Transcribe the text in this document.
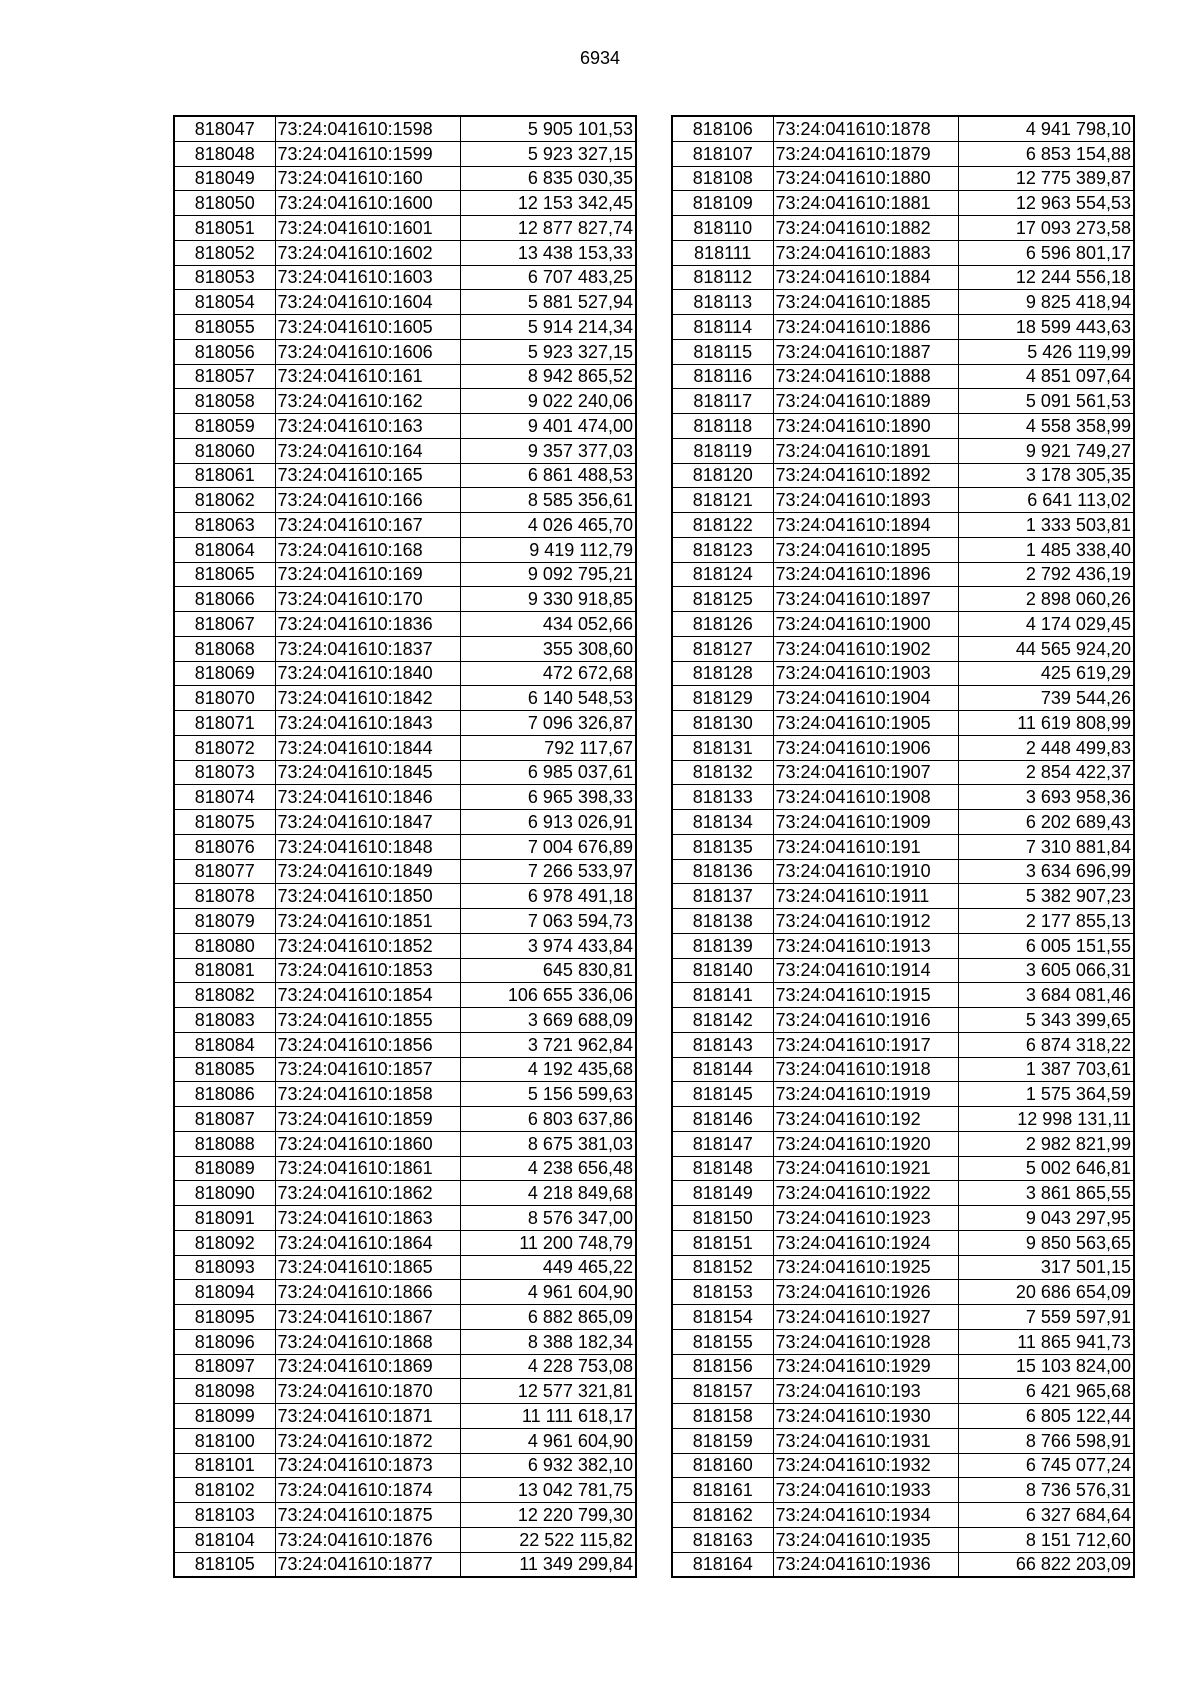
6934
818047	73:24:041610:1598	5 905 101,53
818048	73:24:041610:1599	5 923 327,15
818049	73:24:041610:160	6 835 030,35
818050	73:24:041610:1600	12 153 342,45
818051	73:24:041610:1601	12 877 827,74
818052	73:24:041610:1602	13 438 153,33
818053	73:24:041610:1603	6 707 483,25
818054	73:24:041610:1604	5 881 527,94
818055	73:24:041610:1605	5 914 214,34
818056	73:24:041610:1606	5 923 327,15
818057	73:24:041610:161	8 942 865,52
818058	73:24:041610:162	9 022 240,06
818059	73:24:041610:163	9 401 474,00
818060	73:24:041610:164	9 357 377,03
818061	73:24:041610:165	6 861 488,53
818062	73:24:041610:166	8 585 356,61
818063	73:24:041610:167	4 026 465,70
818064	73:24:041610:168	9 419 112,79
818065	73:24:041610:169	9 092 795,21
818066	73:24:041610:170	9 330 918,85
818067	73:24:041610:1836	434 052,66
818068	73:24:041610:1837	355 308,60
818069	73:24:041610:1840	472 672,68
818070	73:24:041610:1842	6 140 548,53
818071	73:24:041610:1843	7 096 326,87
818072	73:24:041610:1844	792 117,67
818073	73:24:041610:1845	6 985 037,61
818074	73:24:041610:1846	6 965 398,33
818075	73:24:041610:1847	6 913 026,91
818076	73:24:041610:1848	7 004 676,89
818077	73:24:041610:1849	7 266 533,97
818078	73:24:041610:1850	6 978 491,18
818079	73:24:041610:1851	7 063 594,73
818080	73:24:041610:1852	3 974 433,84
818081	73:24:041610:1853	645 830,81
818082	73:24:041610:1854	106 655 336,06
818083	73:24:041610:1855	3 669 688,09
818084	73:24:041610:1856	3 721 962,84
818085	73:24:041610:1857	4 192 435,68
818086	73:24:041610:1858	5 156 599,63
818087	73:24:041610:1859	6 803 637,86
818088	73:24:041610:1860	8 675 381,03
818089	73:24:041610:1861	4 238 656,48
818090	73:24:041610:1862	4 218 849,68
818091	73:24:041610:1863	8 576 347,00
818092	73:24:041610:1864	11 200 748,79
818093	73:24:041610:1865	449 465,22
818094	73:24:041610:1866	4 961 604,90
818095	73:24:041610:1867	6 882 865,09
818096	73:24:041610:1868	8 388 182,34
818097	73:24:041610:1869	4 228 753,08
818098	73:24:041610:1870	12 577 321,81
818099	73:24:041610:1871	11 111 618,17
818100	73:24:041610:1872	4 961 604,90
818101	73:24:041610:1873	6 932 382,10
818102	73:24:041610:1874	13 042 781,75
818103	73:24:041610:1875	12 220 799,30
818104	73:24:041610:1876	22 522 115,82
818105	73:24:041610:1877	11 349 299,84
818106	73:24:041610:1878	4 941 798,10
818107	73:24:041610:1879	6 853 154,88
818108	73:24:041610:1880	12 775 389,87
818109	73:24:041610:1881	12 963 554,53
818110	73:24:041610:1882	17 093 273,58
818111	73:24:041610:1883	6 596 801,17
818112	73:24:041610:1884	12 244 556,18
818113	73:24:041610:1885	9 825 418,94
818114	73:24:041610:1886	18 599 443,63
818115	73:24:041610:1887	5 426 119,99
818116	73:24:041610:1888	4 851 097,64
818117	73:24:041610:1889	5 091 561,53
818118	73:24:041610:1890	4 558 358,99
818119	73:24:041610:1891	9 921 749,27
818120	73:24:041610:1892	3 178 305,35
818121	73:24:041610:1893	6 641 113,02
818122	73:24:041610:1894	1 333 503,81
818123	73:24:041610:1895	1 485 338,40
818124	73:24:041610:1896	2 792 436,19
818125	73:24:041610:1897	2 898 060,26
818126	73:24:041610:1900	4 174 029,45
818127	73:24:041610:1902	44 565 924,20
818128	73:24:041610:1903	425 619,29
818129	73:24:041610:1904	739 544,26
818130	73:24:041610:1905	11 619 808,99
818131	73:24:041610:1906	2 448 499,83
818132	73:24:041610:1907	2 854 422,37
818133	73:24:041610:1908	3 693 958,36
818134	73:24:041610:1909	6 202 689,43
818135	73:24:041610:191	7 310 881,84
818136	73:24:041610:1910	3 634 696,99
818137	73:24:041610:1911	5 382 907,23
818138	73:24:041610:1912	2 177 855,13
818139	73:24:041610:1913	6 005 151,55
818140	73:24:041610:1914	3 605 066,31
818141	73:24:041610:1915	3 684 081,46
818142	73:24:041610:1916	5 343 399,65
818143	73:24:041610:1917	6 874 318,22
818144	73:24:041610:1918	1 387 703,61
818145	73:24:041610:1919	1 575 364,59
818146	73:24:041610:192	12 998 131,11
818147	73:24:041610:1920	2 982 821,99
818148	73:24:041610:1921	5 002 646,81
818149	73:24:041610:1922	3 861 865,55
818150	73:24:041610:1923	9 043 297,95
818151	73:24:041610:1924	9 850 563,65
818152	73:24:041610:1925	317 501,15
818153	73:24:041610:1926	20 686 654,09
818154	73:24:041610:1927	7 559 597,91
818155	73:24:041610:1928	11 865 941,73
818156	73:24:041610:1929	15 103 824,00
818157	73:24:041610:193	6 421 965,68
818158	73:24:041610:1930	6 805 122,44
818159	73:24:041610:1931	8 766 598,91
818160	73:24:041610:1932	6 745 077,24
818161	73:24:041610:1933	8 736 576,31
818162	73:24:041610:1934	6 327 684,64
818163	73:24:041610:1935	8 151 712,60
818164	73:24:041610:1936	66 822 203,09
